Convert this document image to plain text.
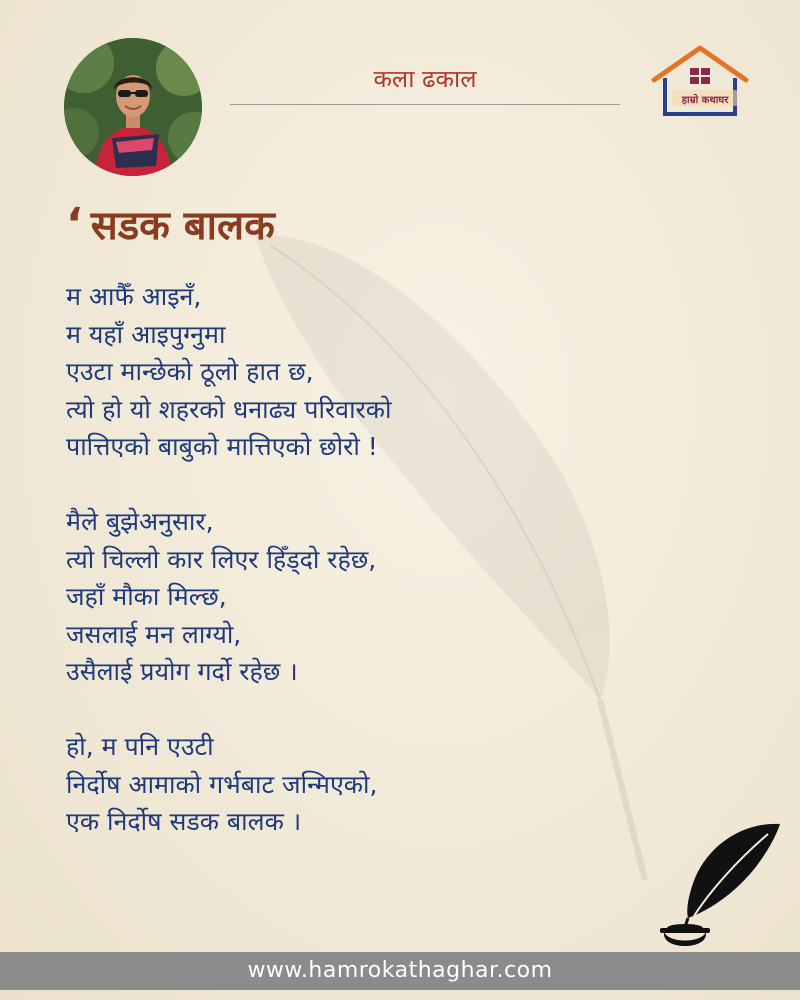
कला ढकाल
हाम्रो कथाघर
‘ सडक बालक
म आफैँ आइनँ,
म यहाँ आइपुग्नुमा
एउटा मान्छेको ठूलो हात छ,
त्यो हो यो शहरको धनाढ्य परिवारको
पात्तिएको बाबुको मात्तिएको छोरो !
मैले बुझेअनुसार,
त्यो चिल्लो कार लिएर हिँड्दो रहेछ,
जहाँ मौका मिल्छ,
जसलाई मन लाग्यो,
उसैलाई प्रयोग गर्दो रहेछ ।
हो, म पनि एउटी
निर्दोष आमाको गर्भबाट जन्मिएको,
एक निर्दोष सडक बालक ।
www.hamrokathaghar.com
